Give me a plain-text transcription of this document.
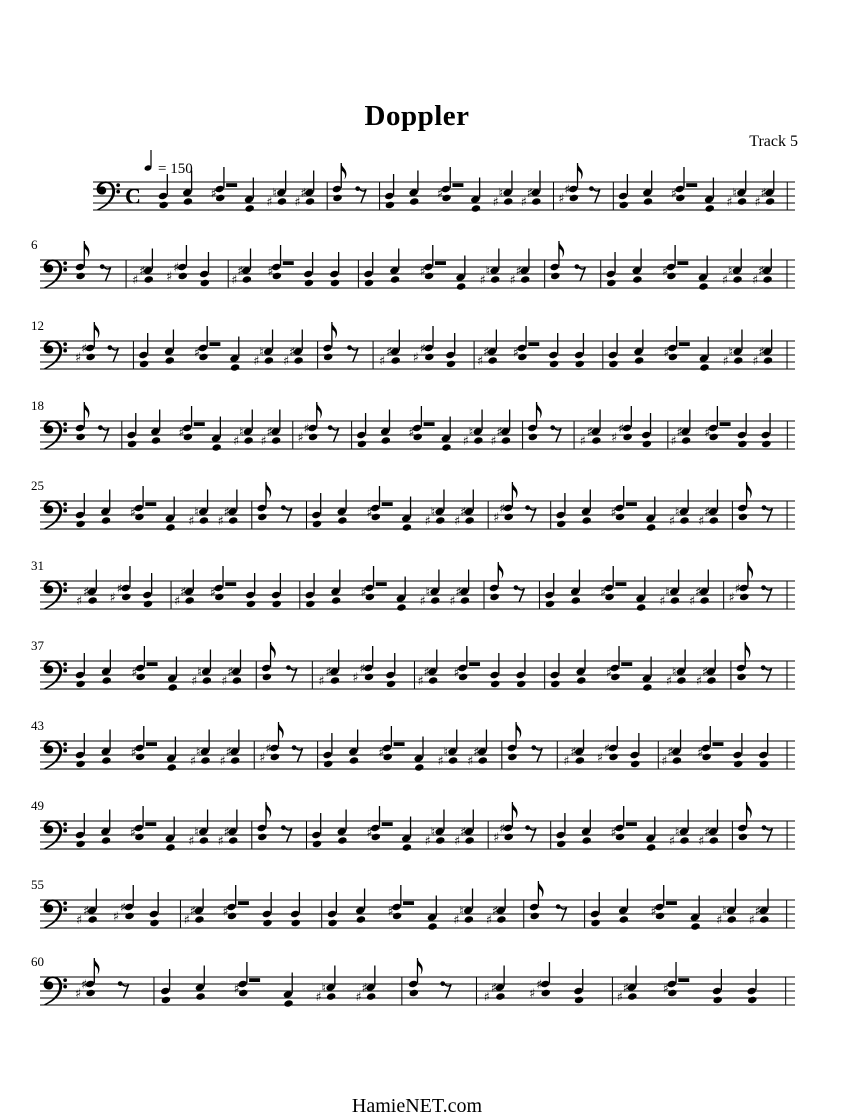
Doppler
Track 5
C
= 150
♯	♮
♯
♯
♯
♯	♮
♯
♯
♯
♯
♯	♯	♮
♯
♯
♯
6
♯
♯
♯
♯	♯
♯
♯	♯	♮
♯
♯
♯
♯	♮
♯
♯
♯
12
♯
♯	♯	♮
♯
♯
♯
♯
♯
♯
♯	♯
♯
♯	♯	♮
♯
♯
♯
18
♯	♮
♯
♯
♯
♯
♯	♯	♮
♯
♯
♯
♯
♯
♯
♯	♯
♯
♯
25
♯	♮
♯
♯
♯
♯	♮
♯
♯
♯
♯
♯	♯	♮
♯
♯
♯
31
♯
♯
♯
♯	♯
♯
♯	♯	♮
♯
♯
♯
♯	♮
♯
♯
♯
♯
♯
37
♯	♮
♯
♯
♯
♯
♯
♯
♯	♯
♯
♯	♯	♮
♯
♯
♯
43
♯	♮
♯
♯
♯
♯
♯	♯	♮
♯
♯
♯
♯
♯
♯
♯	♯
♯
♯
49
♯	♮
♯
♯
♯
♯	♮
♯
♯
♯
♯
♯	♯	♮
♯
♯
♯
55
♯
♯
♯
♯	♯
♯
♯	♯	♮
♯
♯
♯
♯	♮
♯
♯
♯
60
♯
♯	♯	♮
♯
♯
♯
♯
♯
♯
♯	♯
♯
♯
HamieNET.com
